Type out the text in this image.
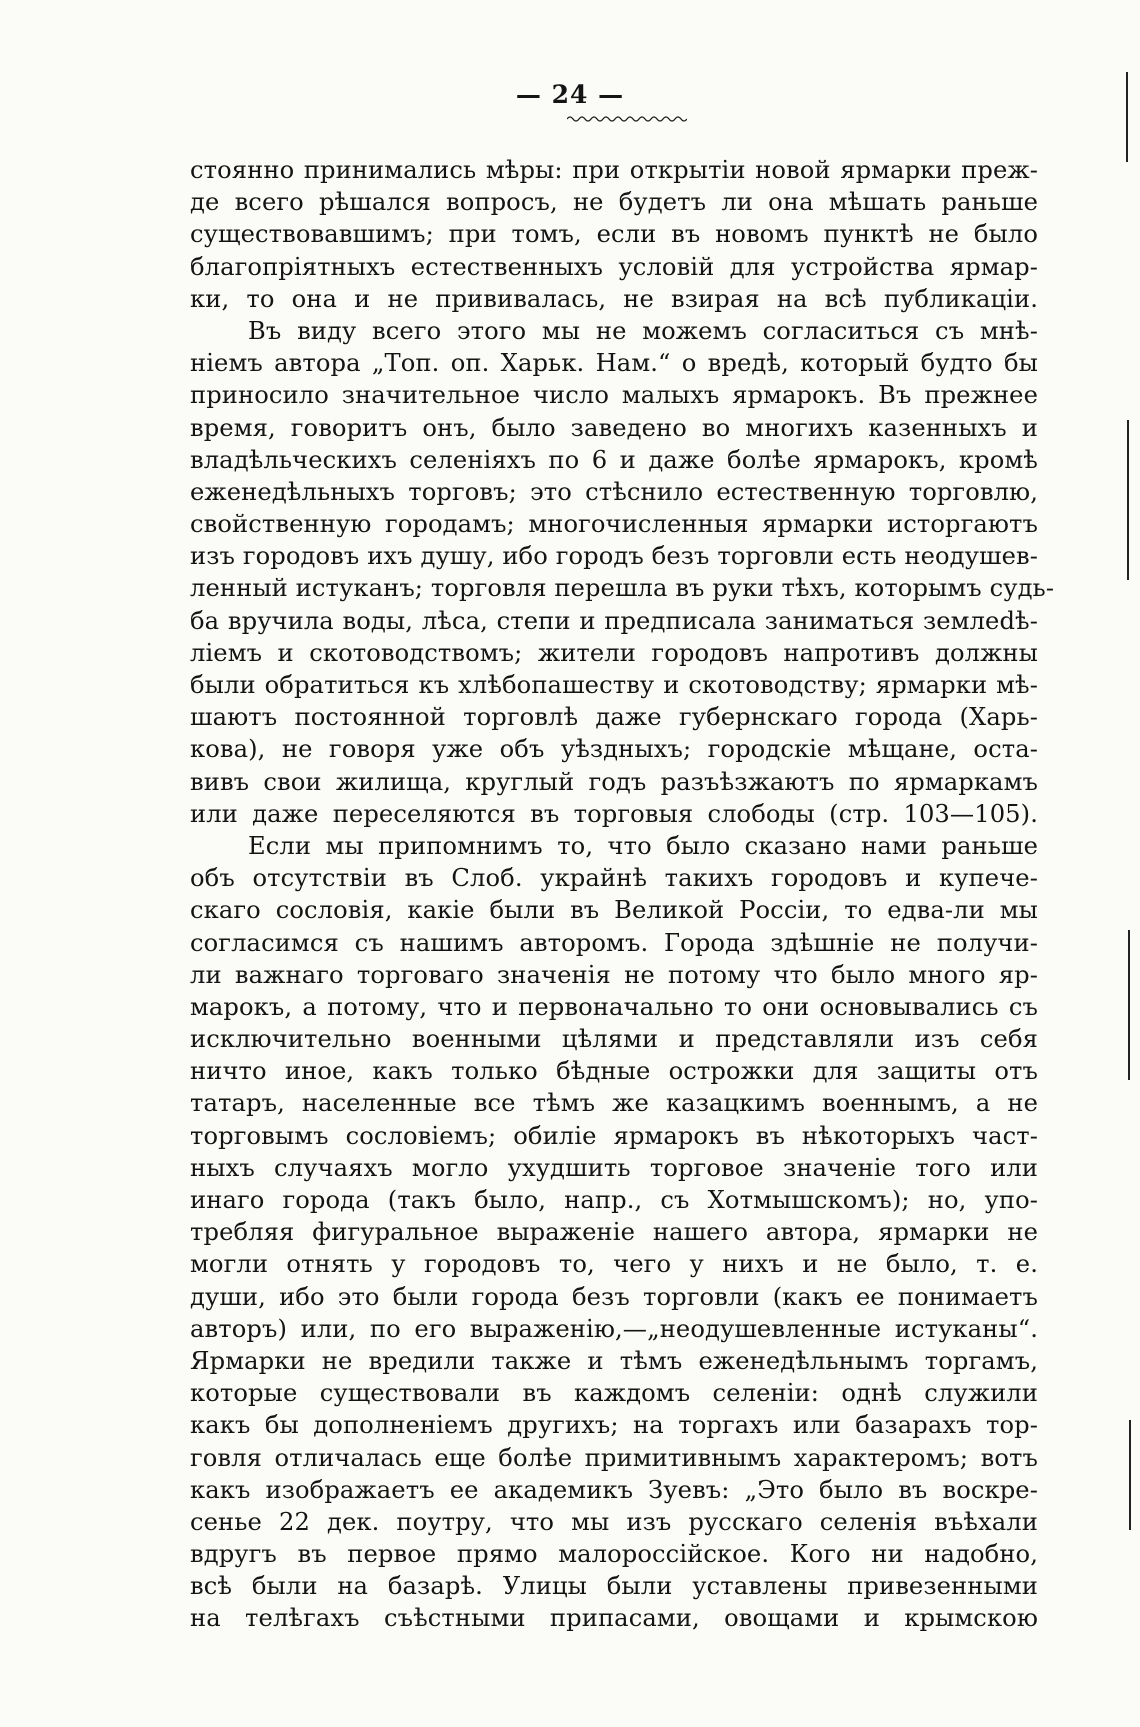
— 24 —
стоянно принимались мѣры: при открытіи новой ярмарки преж-
де всего рѣшался вопросъ, не будетъ ли она мѣшать раньше
существовавшимъ; при томъ, если въ новомъ пунктѣ не было
благопріятныхъ естественныхъ условій для устройства ярмар-
ки, то она и не прививалась, не взирая на всѣ публикаціи.
Въ виду всего этого мы не можемъ согласиться съ мнѣ-
ніемъ автора „Топ. оп. Харьк. Нам.“ о вредѣ, который будто бы
приносило значительное число малыхъ ярмарокъ. Въ прежнее
время, говоритъ онъ, было заведено во многихъ казенныхъ и
владѣльческихъ селеніяхъ по 6 и даже болѣе ярмарокъ, кромѣ
еженедѣльныхъ торговъ; это стѣснило естественную торговлю,
свойственную городамъ; многочисленныя ярмарки исторгаютъ
изъ городовъ ихъ душу, ибо городъ безъ торговли есть неодушев-
ленный истуканъ; торговля перешла въ руки тѣхъ, которымъ судь-
ба вручила воды, лѣса, степи и предписала заниматься землedѣ-
ліемъ и скотоводствомъ; жители городовъ напротивъ должны
были обратиться къ хлѣбопашеству и скотоводству; ярмарки мѣ-
шаютъ постоянной торговлѣ даже губернскаго города (Харь-
кова), не говоря уже объ уѣздныхъ; городскіе мѣщане, оста-
вивъ свои жилища, круглый годъ разъѣзжаютъ по ярмаркамъ
или даже переселяются въ торговыя слободы (стр. 103—105).
Если мы припомнимъ то, что было сказано нами раньше
объ отсутствіи въ Слоб. украйнѣ такихъ городовъ и купече-
скаго сословія, какіе были въ Великой Россіи, то едва-ли мы
согласимся съ нашимъ авторомъ. Города здѣшніе не получи-
ли важнаго торговаго значенія не потому что было много яр-
марокъ, а потому, что и первоначально то они основывались съ
исключительно военными цѣлями и представляли изъ себя
ничто иное, какъ только бѣдные острожки для защиты отъ
татаръ, населенные все тѣмъ же казацкимъ военнымъ, а не
торговымъ сословіемъ; обиліе ярмарокъ въ нѣкоторыхъ част-
ныхъ случаяхъ могло ухудшить торговое значеніе того или
инаго города (такъ было, напр., съ Хотмышскомъ); но, упо-
требляя фигуральное выраженіе нашего автора, ярмарки не
могли отнять у городовъ то, чего у нихъ и не было, т. е.
души, ибо это были города безъ торговли (какъ ее понимаетъ
авторъ) или, по его выраженію,—„неодушевленные истуканы“.
Ярмарки не вредили также и тѣмъ еженедѣльнымъ торгамъ,
которые существовали въ каждомъ селеніи: однѣ служили
какъ бы дополненіемъ другихъ; на торгахъ или базарахъ тор-
говля отличалась еще болѣе примитивнымъ характеромъ; вотъ
какъ изображаетъ ее академикъ Зуевъ: „Это было въ воскре-
сенье 22 дек. поутру, что мы изъ русскаго селенія въѣхали
вдругъ въ первое прямо малороссійское. Кого ни надобно,
всѣ были на базарѣ. Улицы были уставлены привезенными
на телѣгахъ съѣстными припасами, овощами и крымскою
